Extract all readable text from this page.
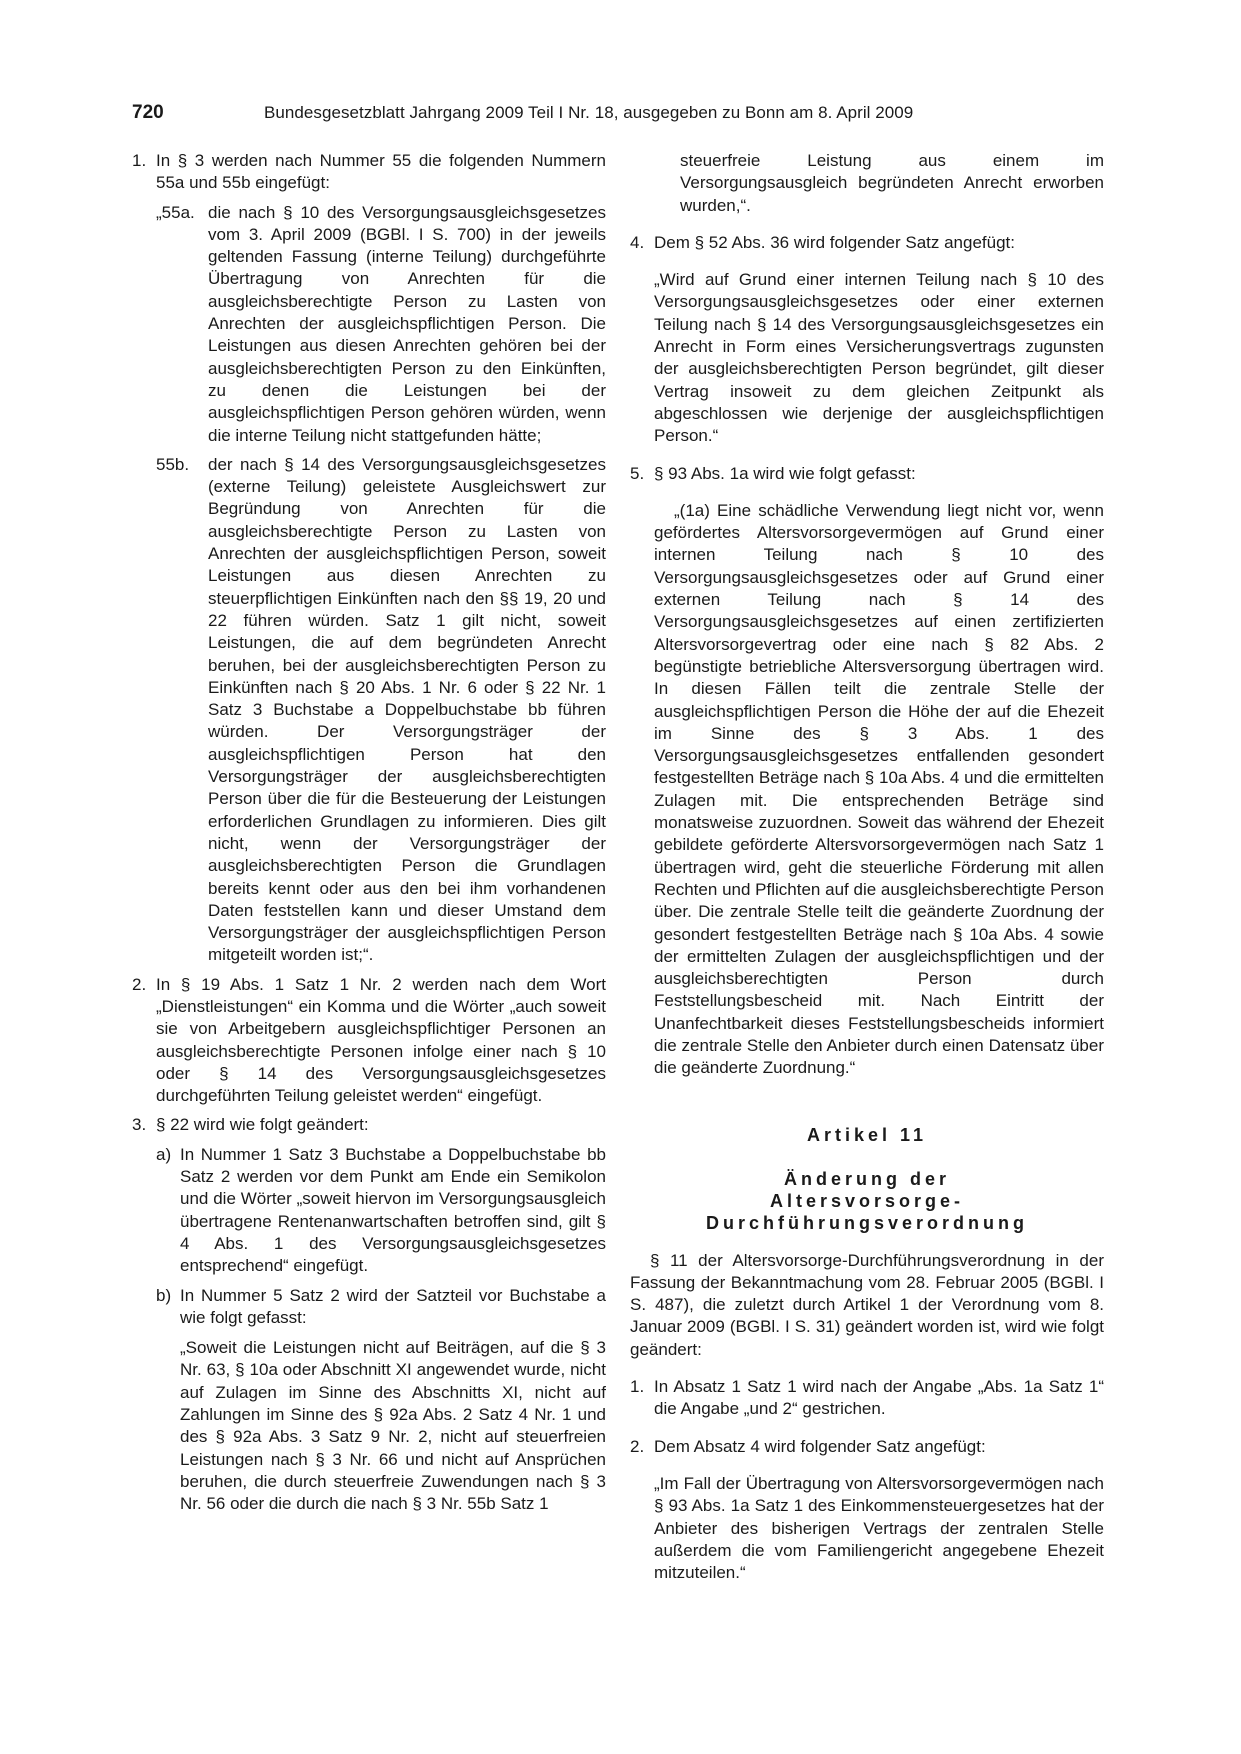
720	Bundesgesetzblatt Jahrgang 2009 Teil I Nr. 18, ausgegeben zu Bonn am 8. April 2009
1. In § 3 werden nach Nummer 55 die folgenden Nummern 55a und 55b eingefügt:

„55a. die nach § 10 des Versorgungsausgleichsgesetzes vom 3. April 2009 (BGBl. I S. 700) in der jeweils geltenden Fassung (interne Teilung) durchgeführte Übertragung von Anrechten für die ausgleichsberechtigte Person zu Lasten von Anrechten der ausgleichspflichtigen Person. Die Leistungen aus diesen Anrechten gehören bei der ausgleichsberechtigten Person zu den Einkünften, zu denen die Leistungen bei der ausgleichspflichtigen Person gehören würden, wenn die interne Teilung nicht stattgefunden hätte;

55b. der nach § 14 des Versorgungsausgleichsgesetzes (externe Teilung) geleistete Ausgleichswert zur Begründung von Anrechten für die ausgleichsberechtigte Person zu Lasten von Anrechten der ausgleichspflichtigen Person, soweit Leistungen aus diesen Anrechten zu steuerpflichtigen Einkünften nach den §§ 19, 20 und 22 führen würden. Satz 1 gilt nicht, soweit Leistungen, die auf dem begründeten Anrecht beruhen, bei der ausgleichsberechtigten Person zu Einkünften nach § 20 Abs. 1 Nr. 6 oder § 22 Nr. 1 Satz 3 Buchstabe a Doppelbuchstabe bb führen würden. Der Versorgungsträger der ausgleichspflichtigen Person hat den Versorgungsträger der ausgleichsberechtigten Person über die für die Besteuerung der Leistungen erforderlichen Grundlagen zu informieren. Dies gilt nicht, wenn der Versorgungsträger der ausgleichsberechtigten Person die Grundlagen bereits kennt oder aus den bei ihm vorhandenen Daten feststellen kann und dieser Umstand dem Versorgungsträger der ausgleichspflichtigen Person mitgeteilt worden ist;“.

2. In § 19 Abs. 1 Satz 1 Nr. 2 werden nach dem Wort „Dienstleistungen“ ein Komma und die Wörter „auch soweit sie von Arbeitgebern ausgleichspflichtiger Personen an ausgleichsberechtigte Personen infolge einer nach § 10 oder § 14 des Versorgungsausgleichsgesetzes durchgeführten Teilung geleistet werden“ eingefügt.

3. § 22 wird wie folgt geändert:

a) In Nummer 1 Satz 3 Buchstabe a Doppelbuchstabe bb Satz 2 werden vor dem Punkt am Ende ein Semikolon und die Wörter „soweit hiervon im Versorgungsausgleich übertragene Rentenanwartschaften betroffen sind, gilt § 4 Abs. 1 des Versorgungsausgleichsgesetzes entsprechend“ eingefügt.

b) In Nummer 5 Satz 2 wird der Satzteil vor Buchstabe a wie folgt gefasst:

„Soweit die Leistungen nicht auf Beiträgen, auf die § 3 Nr. 63, § 10a oder Abschnitt XI angewendet wurde, nicht auf Zulagen im Sinne des Abschnitts XI, nicht auf Zahlungen im Sinne des § 92a Abs. 2 Satz 4 Nr. 1 und des § 92a Abs. 3 Satz 9 Nr. 2, nicht auf steuerfreien Leistungen nach § 3 Nr. 66 und nicht auf Ansprüchen beruhen, die durch steuerfreie Zuwendungen nach § 3 Nr. 56 oder die durch die nach § 3 Nr. 55b Satz 1

steuerfreie Leistung aus einem im Versorgungsausgleich begründeten Anrecht erworben wurden,“.

4. Dem § 52 Abs. 36 wird folgender Satz angefügt:

„Wird auf Grund einer internen Teilung nach § 10 des Versorgungsausgleichsgesetzes oder einer externen Teilung nach § 14 des Versorgungsausgleichsgesetzes ein Anrecht in Form eines Versicherungsvertrags zugunsten der ausgleichsberechtigten Person begründet, gilt dieser Vertrag insoweit zu dem gleichen Zeitpunkt als abgeschlossen wie derjenige der ausgleichspflichtigen Person.“

5. § 93 Abs. 1a wird wie folgt gefasst:

„(1a) Eine schädliche Verwendung liegt nicht vor, wenn gefördertes Altersvorsorgevermögen auf Grund einer internen Teilung nach § 10 des Versorgungsausgleichsgesetzes oder auf Grund einer externen Teilung nach § 14 des Versorgungsausgleichsgesetzes auf einen zertifizierten Altersvorsorgevertrag oder eine nach § 82 Abs. 2 begünstigte betriebliche Altersversorgung übertragen wird. In diesen Fällen teilt die zentrale Stelle der ausgleichspflichtigen Person die Höhe der auf die Ehezeit im Sinne des § 3 Abs. 1 des Versorgungsausgleichsgesetzes entfallenden gesondert festgestellten Beträge nach § 10a Abs. 4 und die ermittelten Zulagen mit. Die entsprechenden Beträge sind monatsweise zuzuordnen. Soweit das während der Ehezeit gebildete geförderte Altersvorsorgevermögen nach Satz 1 übertragen wird, geht die steuerliche Förderung mit allen Rechten und Pflichten auf die ausgleichsberechtigte Person über. Die zentrale Stelle teilt die geänderte Zuordnung der gesondert festgestellten Beträge nach § 10a Abs. 4 sowie der ermittelten Zulagen der ausgleichspflichtigen und der ausgleichsberechtigten Person durch Feststellungsbescheid mit. Nach Eintritt der Unanfechtbarkeit dieses Feststellungsbescheids informiert die zentrale Stelle den Anbieter durch einen Datensatz über die geänderte Zuordnung.“

Artikel 11

Änderung der

Altersvorsorge-

Durchführungsverordnung

§ 11 der Altersvorsorge-Durchführungsverordnung in der Fassung der Bekanntmachung vom 28. Februar 2005 (BGBl. I S. 487), die zuletzt durch Artikel 1 der Verordnung vom 8. Januar 2009 (BGBl. I S. 31) geändert worden ist, wird wie folgt geändert:

1. In Absatz 1 Satz 1 wird nach der Angabe „Abs. 1a Satz 1“ die Angabe „und 2“ gestrichen.

2. Dem Absatz 4 wird folgender Satz angefügt:

„Im Fall der Übertragung von Altersvorsorgevermögen nach § 93 Abs. 1a Satz 1 des Einkommensteuergesetzes hat der Anbieter des bisherigen Vertrags der zentralen Stelle außerdem die vom Familiengericht angegebene Ehezeit mitzuteilen.“
